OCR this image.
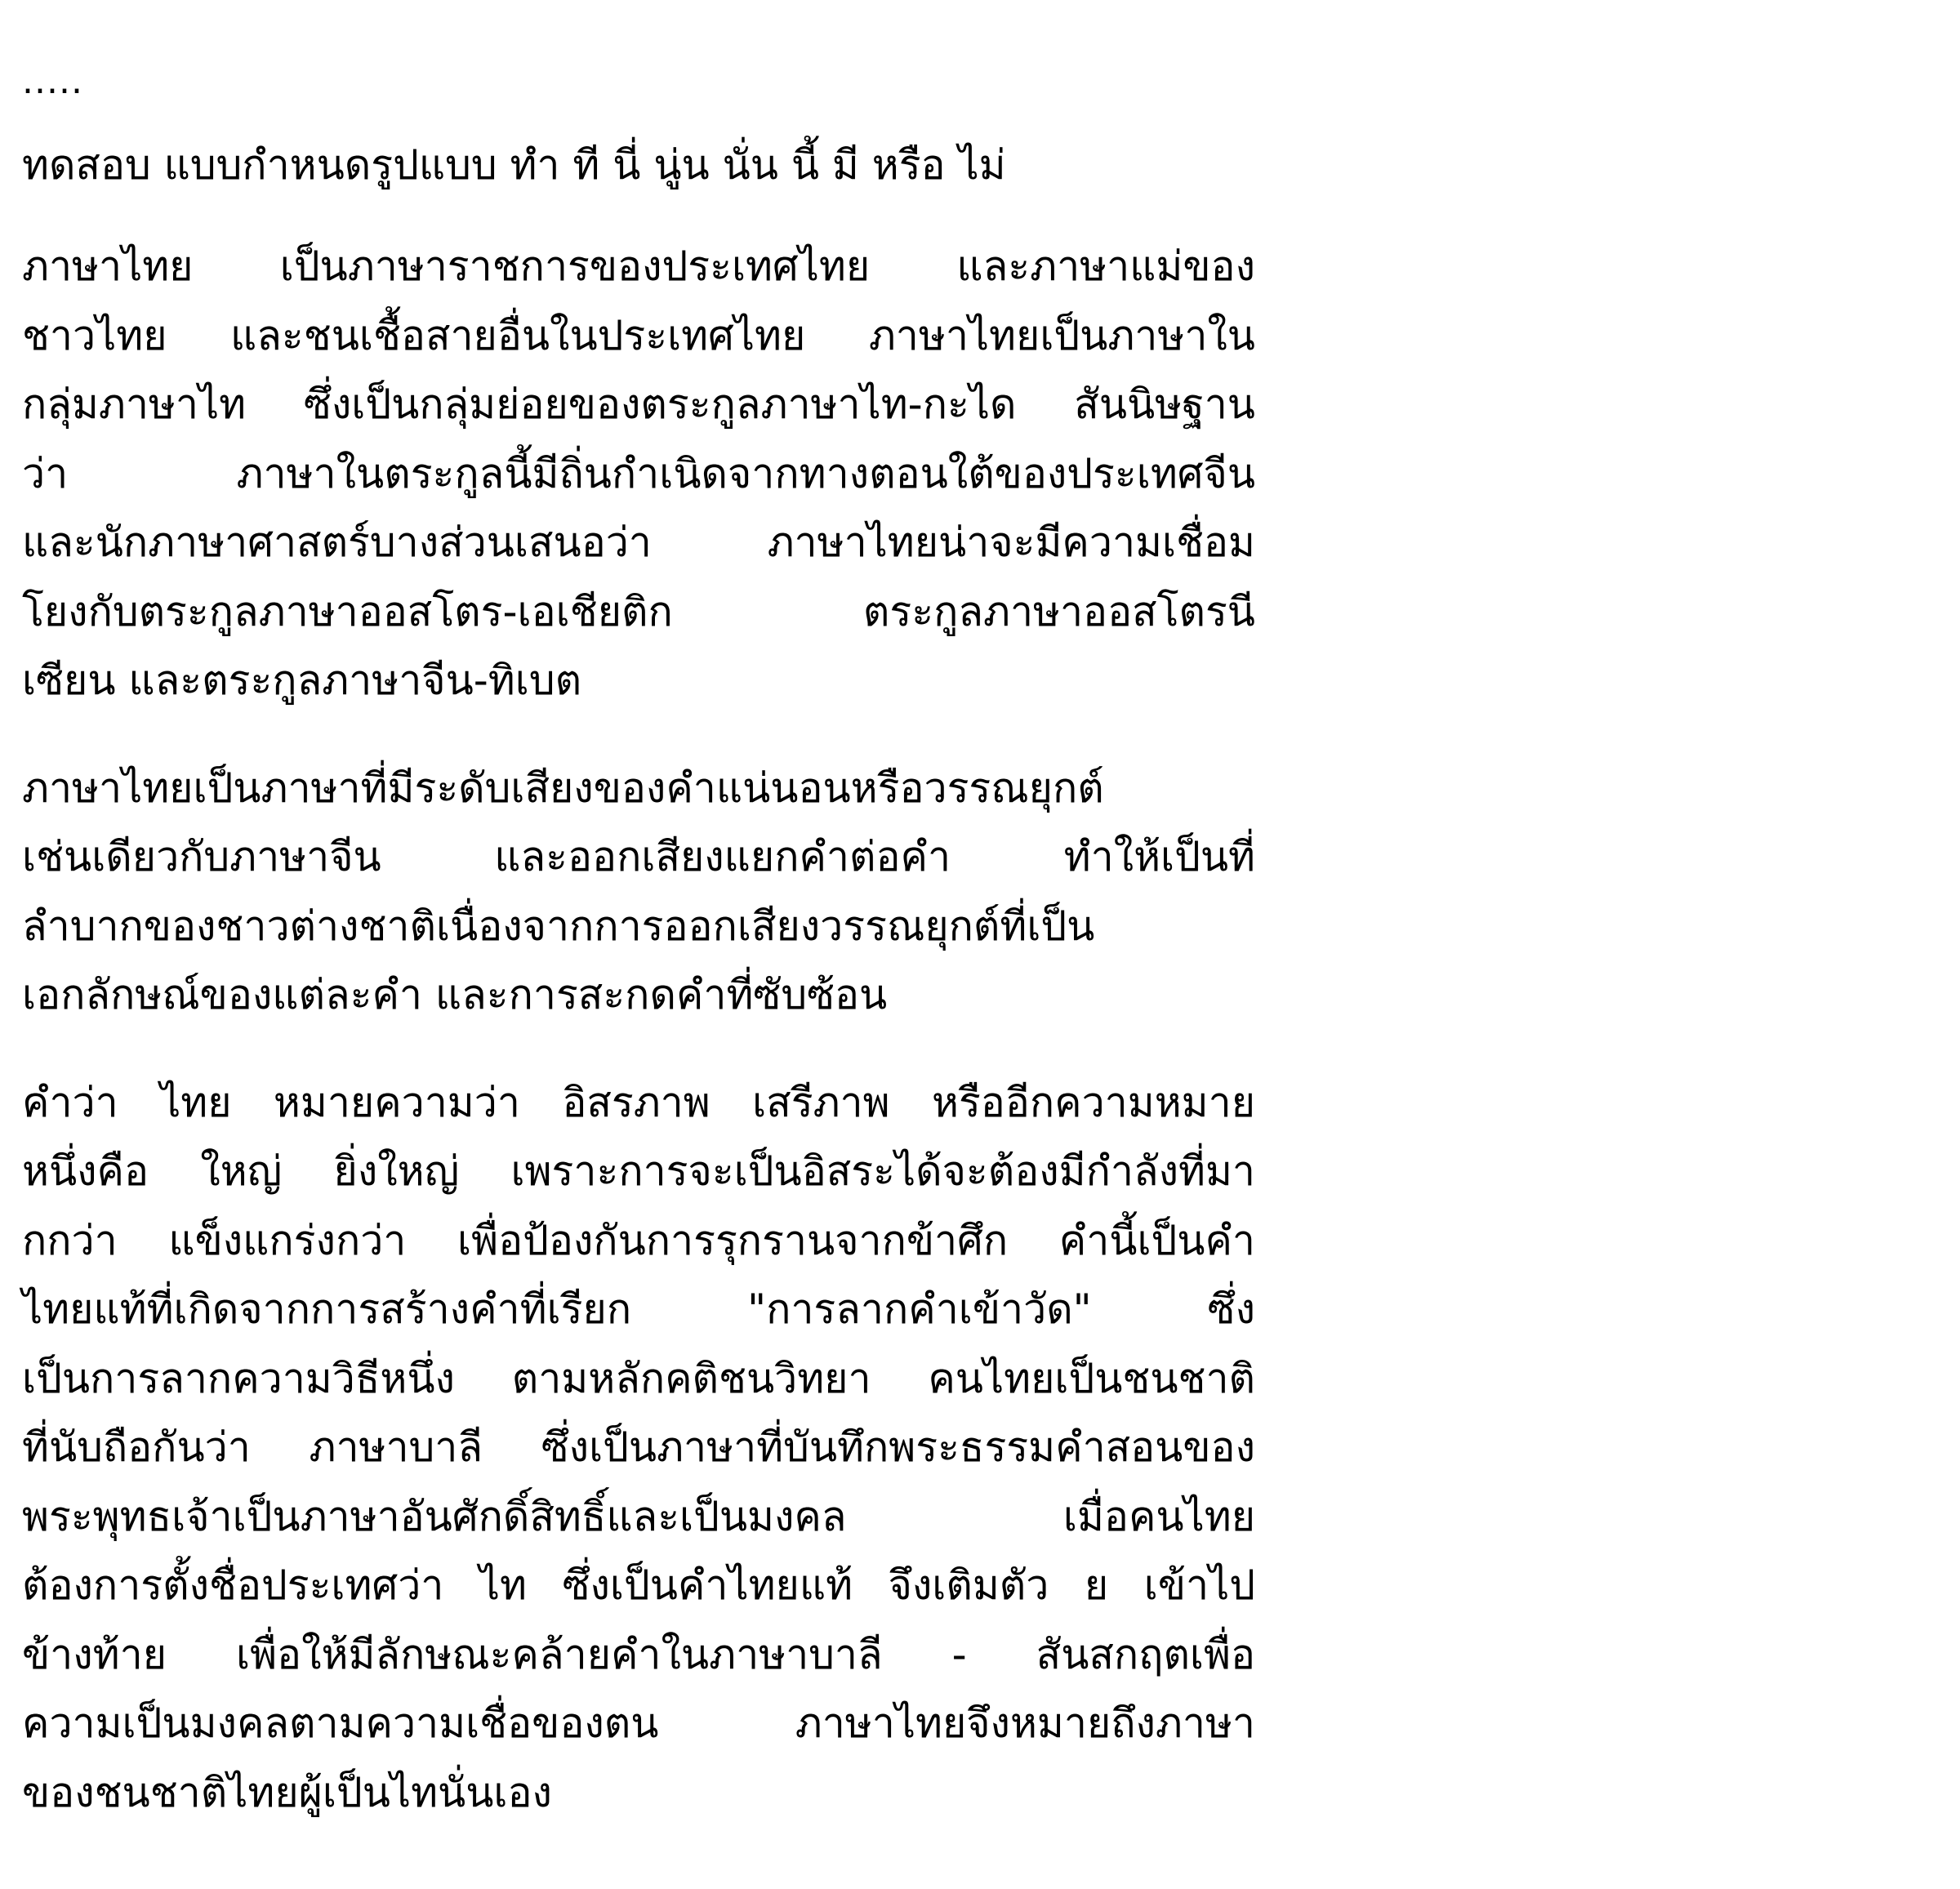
.....
ทดสอบ แบบกำหนดรูปแบบ ทำ ที นี่ นู่น นั่น นี้ มี หรือ ไม่
ภาษาไทย เป็นภาษาราชการของประเทศไทย และภาษาแม่ของ
ชาวไทย และชนเชื้อสายอื่นในประเทศไทย ภาษาไทยเป็นภาษาใน
กลุ่มภาษาไท ซึ่งเป็นกลุ่มย่อยของตระกูลภาษาไท-กะได สันนิษฐาน
ว่า ภาษาในตระกูลนี้มีถิ่นกำเนิดจากทางตอนใต้ของประเทศจีน
และนักภาษาศาสตร์บางส่วนเสนอว่า ภาษาไทยน่าจะมีความเชื่อม
โยงกับตระกูลภาษาออสโตร-เอเชียติก ตระกูลภาษาออสโตรนี
เซียน และตระกูลภาษาจีน-ทิเบต
ภาษาไทยเป็นภาษาที่มีระดับเสียงของคำแน่นอนหรือวรรณยุกต์
เช่นเดียวกับภาษาจีน และออกเสียงแยกคำต่อคำ ทำให้เป็นที่
ลำบากของชาวต่างชาติเนื่องจากการออกเสียงวรรณยุกต์ที่เป็น
เอกลักษณ์ของแต่ละคำ และการสะกดคำที่ซับซ้อน
คำว่า ไทย หมายความว่า อิสรภาพ เสรีภาพ หรืออีกความหมาย
หนึ่งคือ ใหญ่ ยิ่งใหญ่ เพราะการจะเป็นอิสระได้จะต้องมีกำลังที่มา
กกว่า แข็งแกร่งกว่า เพื่อป้องกันการรุกรานจากข้าศึก คำนี้เป็นคำ
ไทยแท้ที่เกิดจากการสร้างคำที่เรียก "การลากคำเข้าวัด" ซึ่ง
เป็นการลากความวิธีหนึ่ง ตามหลักคติชนวิทยา คนไทยเป็นชนชาติ
ที่นับถือกันว่า ภาษาบาลี ซึ่งเป็นภาษาที่บันทึกพระธรรมคำสอนของ
พระพุทธเจ้าเป็นภาษาอันศักดิ์สิทธิ์และเป็นมงคล เมื่อคนไทย
ต้องการตั้งชื่อประเทศว่า ไท ซึ่งเป็นคำไทยแท้ จึงเติมตัว ย เข้าไป
ข้างท้าย เพื่อให้มีลักษณะคล้ายคำในภาษาบาลี - สันสกฤตเพื่อ
ความเป็นมงคลตามความเชื่อของตน ภาษาไทยจึงหมายถึงภาษา
ของชนชาติไทยผู้เป็นไทนั่นเอง
